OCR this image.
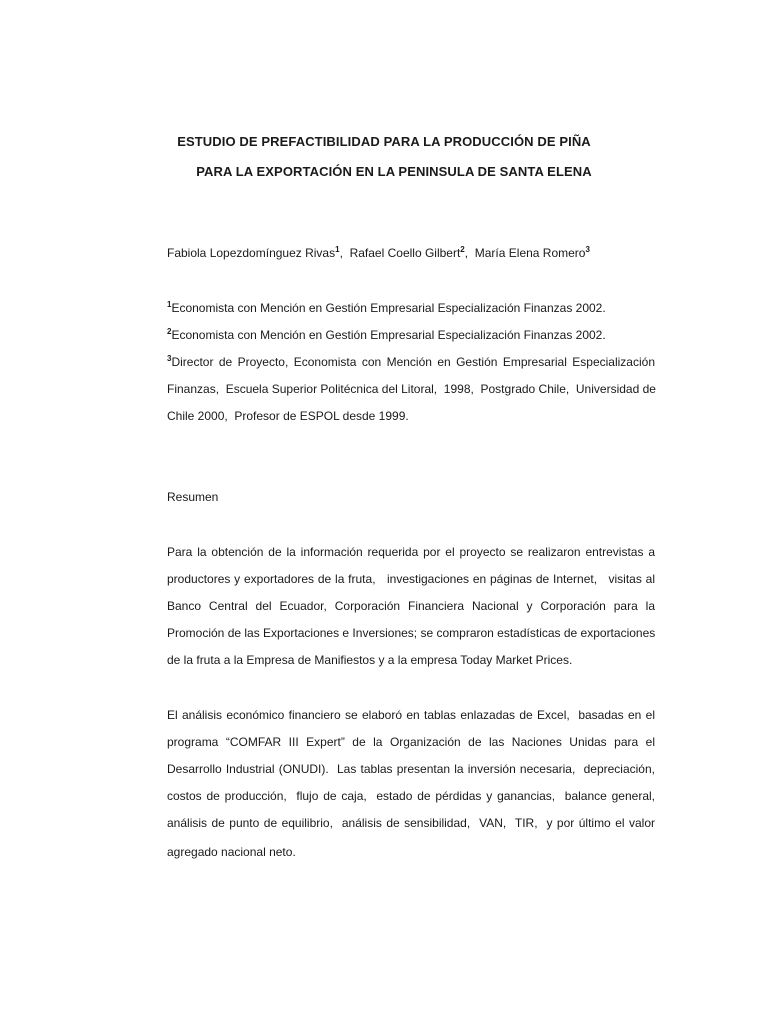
ESTUDIO DE PREFACTIBILIDAD PARA LA PRODUCCIÓN DE PIÑA
PARA LA EXPORTACIÓN EN LA PENINSULA DE SANTA ELENA
Fabiola Lopezdomínguez Rivas$^1$,  Rafael Coello Gilbert$^2$,  María Elena Romero$^3$
$^1$Economista con Mención en Gestión Empresarial Especialización Finanzas 2002.
$^2$Economista con Mención en Gestión Empresarial Especialización Finanzas 2002.
$^3$Director de Proyecto, Economista con Mención en Gestión Empresarial Especialización
Finanzas,  Escuela Superior Politécnica del Litoral,  1998,  Postgrado Chile,  Universidad de
Chile 2000,  Profesor de ESPOL desde 1999.
Resumen
Para la obtención de la información requerida por el proyecto se realizaron entrevistas a
productores y exportadores de la fruta,   investigaciones en páginas de Internet,   visitas al
Banco Central del Ecuador, Corporación Financiera Nacional y Corporación para la
Promoción de las Exportaciones e Inversiones; se compraron estadísticas de exportaciones
de la fruta a la Empresa de Manifiestos y a la empresa Today Market Prices.
El análisis económico financiero se elaboró en tablas enlazadas de Excel,  basadas en el
programa “COMFAR III Expert” de la Organización de las Naciones Unidas para el
Desarrollo Industrial (ONUDI).  Las tablas presentan la inversión necesaria,  depreciación,
costos de producción,  flujo de caja,  estado de pérdidas y ganancias,  balance general,
análisis de punto de equilibrio,  análisis de sensibilidad,  VAN,  TIR,  y por último el valor
agregado nacional neto.
